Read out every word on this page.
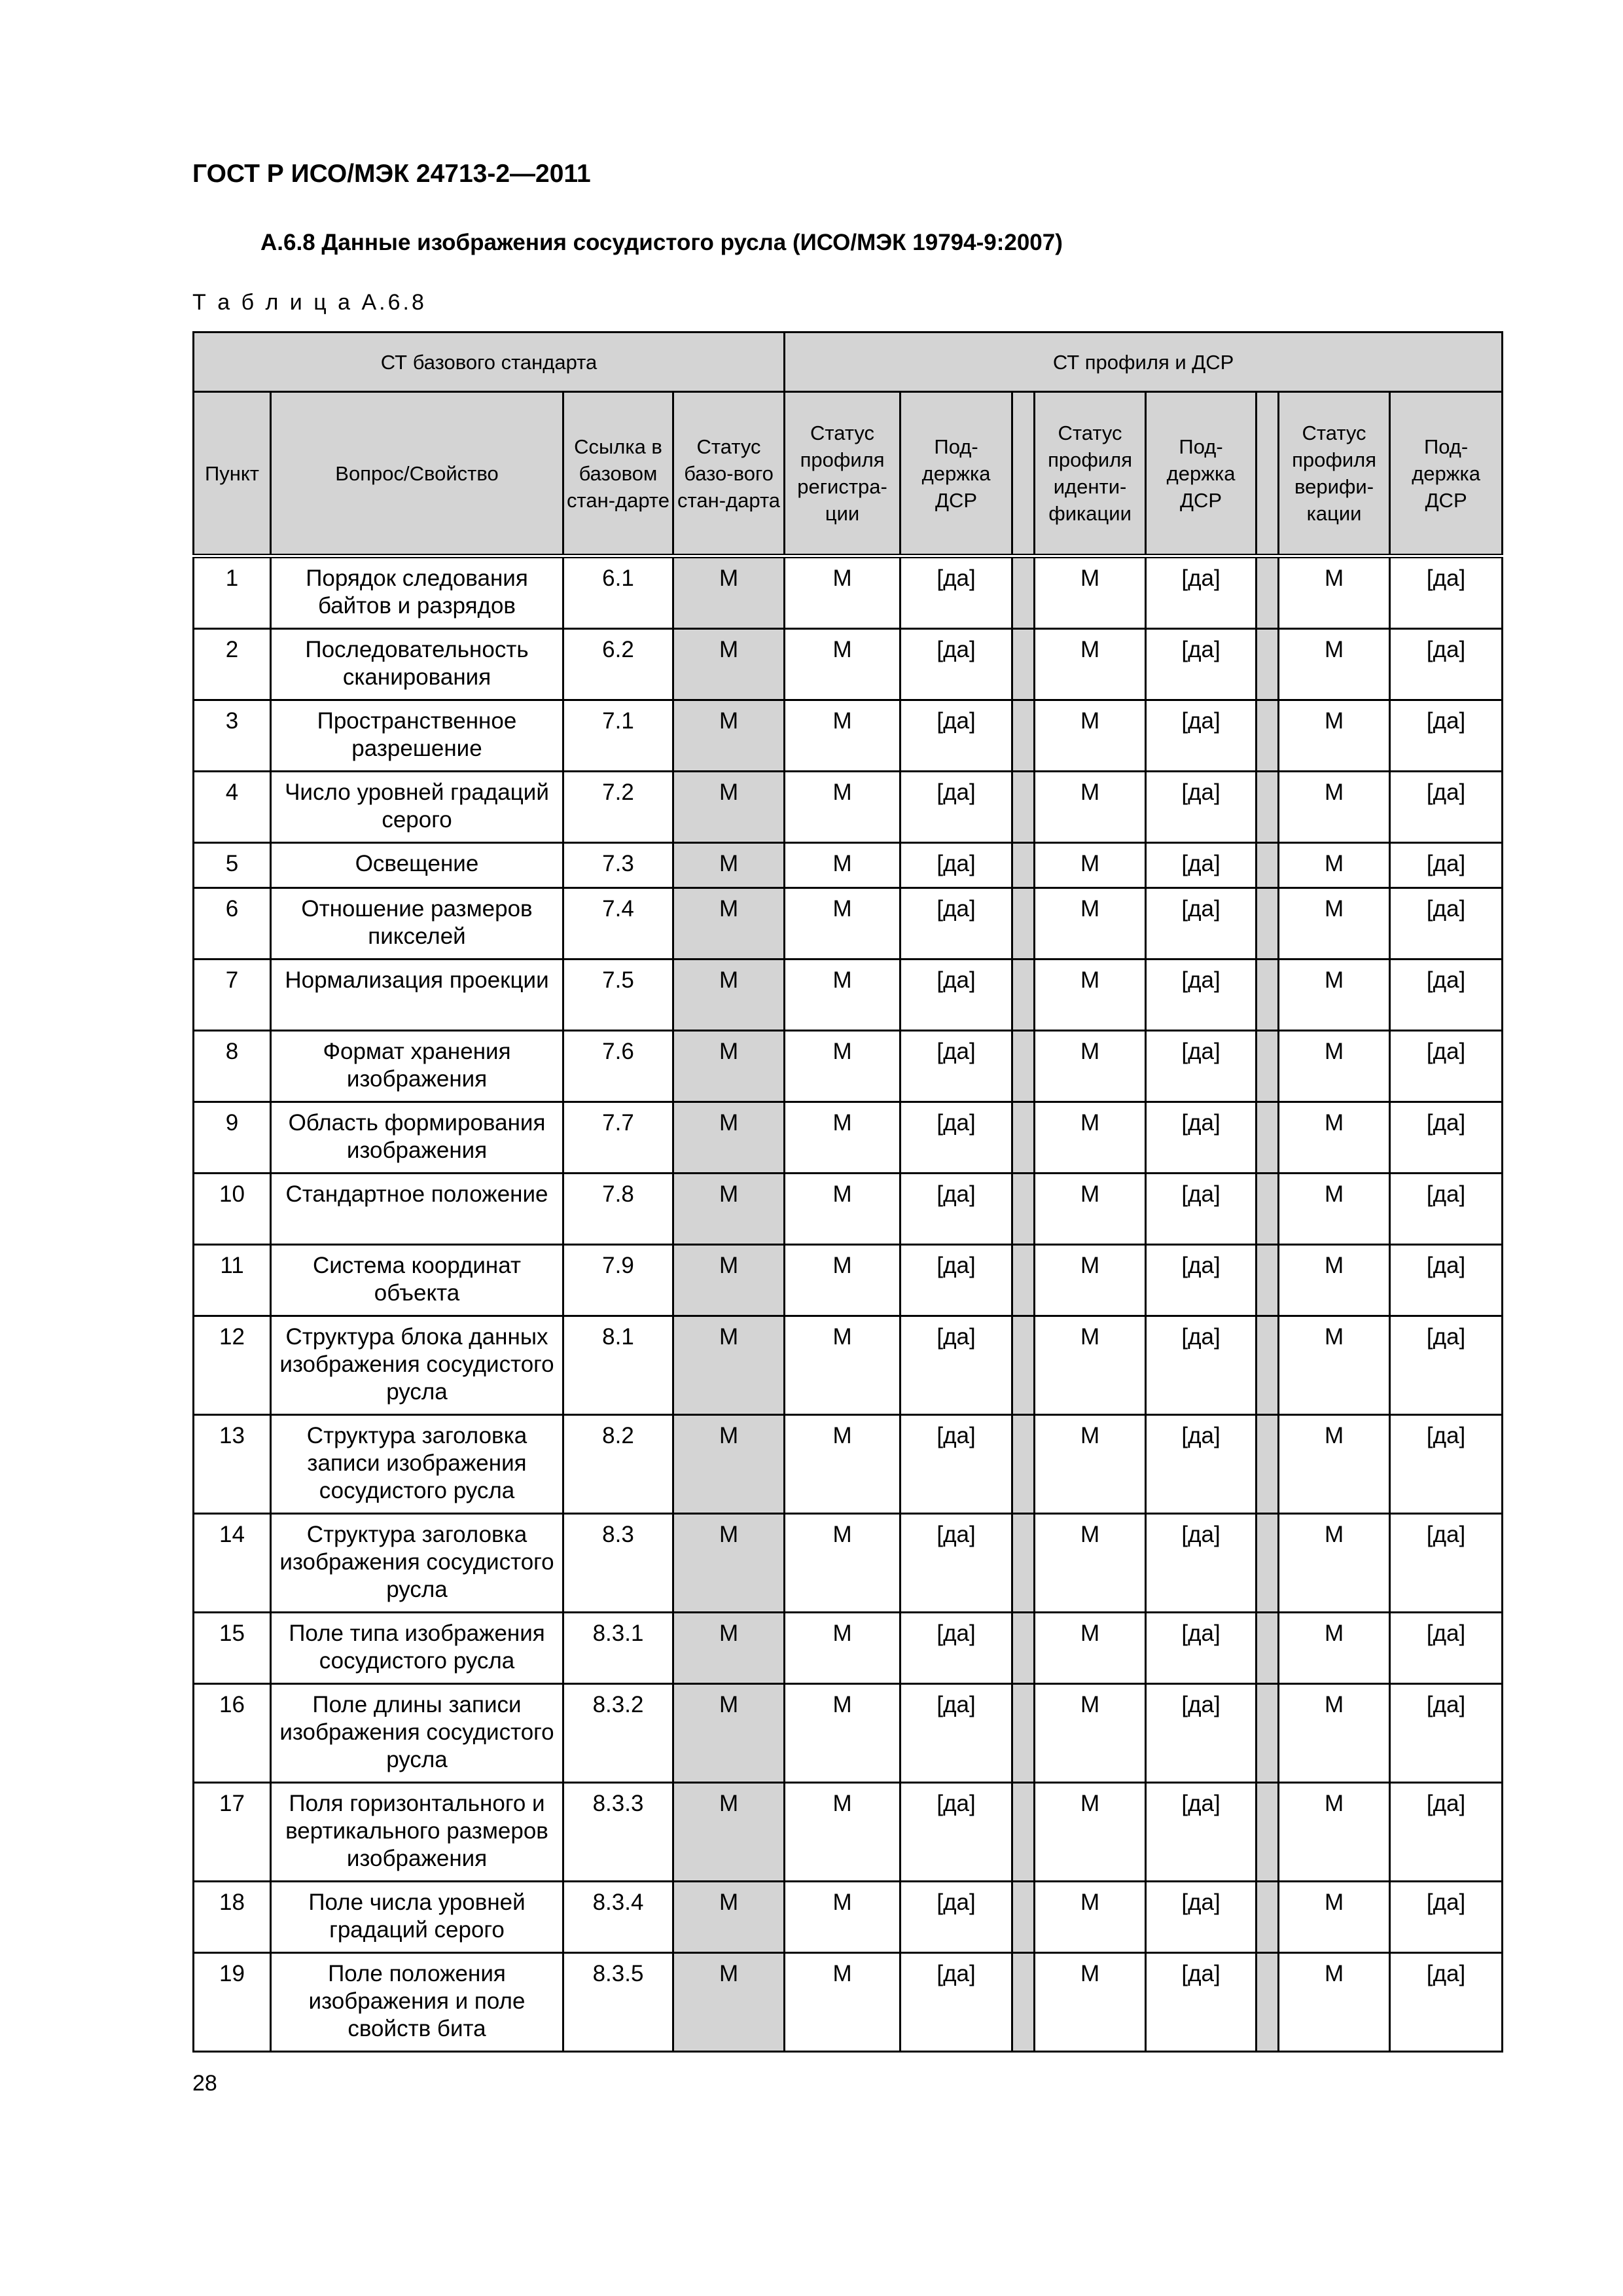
ГОСТ Р ИСО/МЭК 24713-2—2011
А.6.8 Данные изображения сосудистого русла (ИСО/МЭК 19794-9:2007)
Т а б л и ц а А.6.8
СТ базового стандарта				СТ профиля и ДСР							
Пункт	Вопрос/Свойство	Ссылка в базовом стан-дарте	Статус базо-вого стан-дарта	Статус профиля регистра-ции	Под-держка ДСР		Статус профиля иденти-фикации	Под-держка ДСР		Статус профиля верифи-кации	Под-держка ДСР
1	Порядок следования байтов и разрядов	6.1	M	M	[да]		M	[да]		M	[да]
2	Последовательность сканирования	6.2	M	M	[да]		M	[да]		M	[да]
3	Пространственное разрешение	7.1	M	M	[да]		M	[да]		M	[да]
4	Число уровней градаций серого	7.2	M	M	[да]		M	[да]		M	[да]
5	Освещение	7.3	M	M	[да]		M	[да]		M	[да]
6	Отношение размеров пикселей	7.4	M	M	[да]		M	[да]		M	[да]
7	Нормализация проекции	7.5	M	M	[да]		M	[да]		M	[да]
8	Формат хранения изображения	7.6	M	M	[да]		M	[да]		M	[да]
9	Область формирования изображения	7.7	M	M	[да]		M	[да]		M	[да]
10	Стандартное положение	7.8	M	M	[да]		M	[да]		M	[да]
11	Система координат объекта	7.9	M	M	[да]		M	[да]		M	[да]
12	Структура блока данных изображения сосудистого русла	8.1	M	M	[да]		M	[да]		M	[да]
13	Структура заголовка записи изображения сосудистого русла	8.2	M	M	[да]		M	[да]		M	[да]
14	Структура заголовка изображения сосудистого русла	8.3	M	M	[да]		M	[да]		M	[да]
15	Поле типа изображения сосудистого русла	8.3.1	M	M	[да]		M	[да]		M	[да]
16	Поле длины записи изображения сосудистого русла	8.3.2	M	M	[да]		M	[да]		M	[да]
17	Поля горизонтального и вертикального размеров изображения	8.3.3	M	M	[да]		M	[да]		M	[да]
18	Поле числа уровней градаций серого	8.3.4	M	M	[да]		M	[да]		M	[да]
19	Поле положения изображения и поле свойств бита	8.3.5	M	M	[да]		M	[да]		M	[да]
28
